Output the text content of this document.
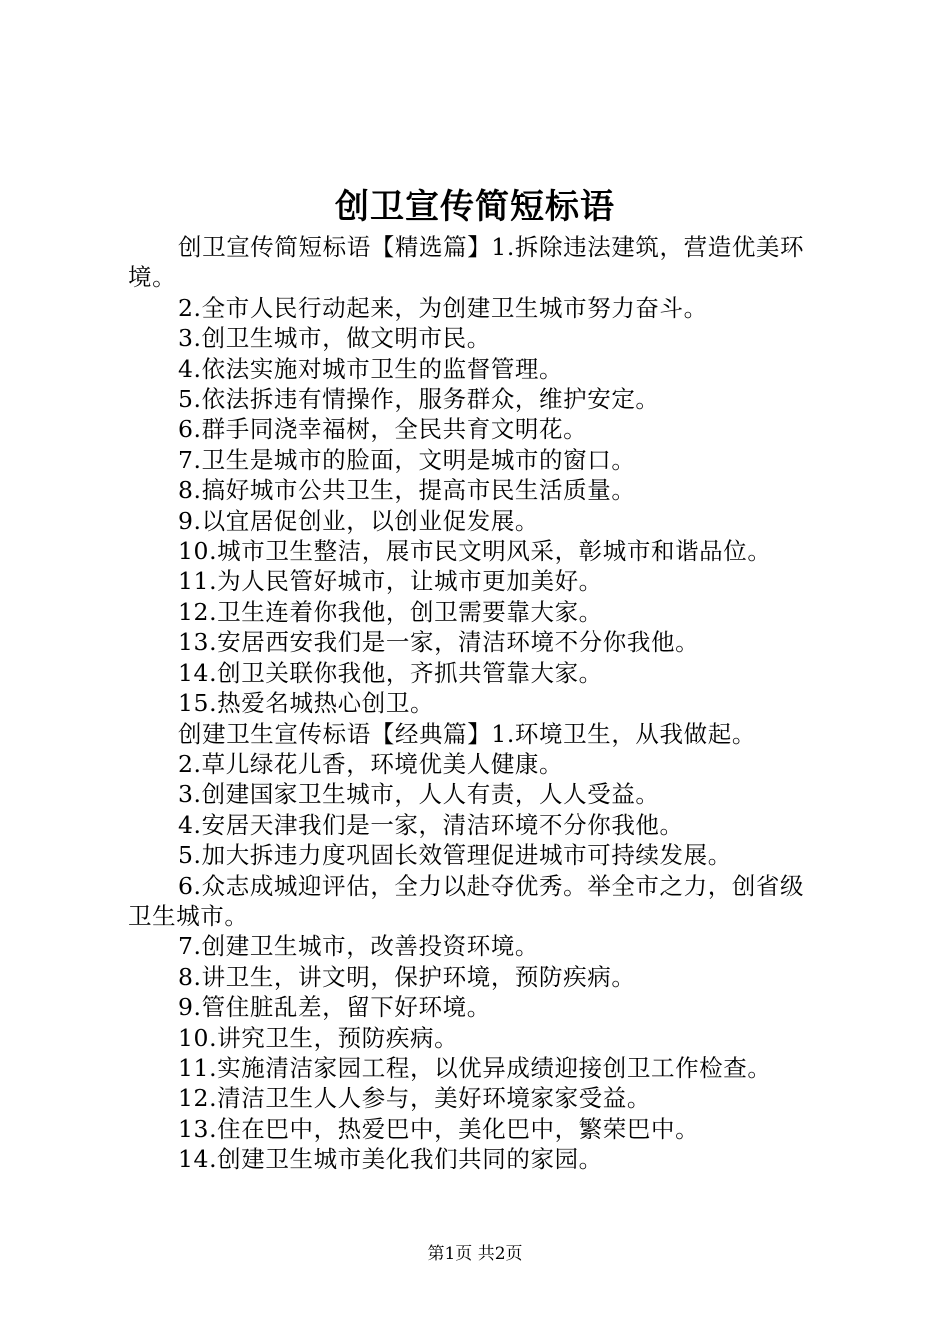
创卫宣传简短标语

创卫宣传简短标语【精选篇】1.拆除违法建筑，营造优美环境。

2.全市人民行动起来，为创建卫生城市努力奋斗。

3.创卫生城市，做文明市民。

4.依法实施对城市卫生的监督管理。

5.依法拆违有情操作，服务群众，维护安定。

6.群手同浇幸福树，全民共育文明花。

7.卫生是城市的脸面，文明是城市的窗口。

8.搞好城市公共卫生，提高市民生活质量。

9.以宜居促创业，以创业促发展。

10.城市卫生整洁，展市民文明风采，彰城市和谐品位。

11.为人民管好城市，让城市更加美好。

12.卫生连着你我他，创卫需要靠大家。

13.安居西安我们是一家，清洁环境不分你我他。

14.创卫关联你我他，齐抓共管靠大家。

15.热爱名城热心创卫。

创建卫生宣传标语【经典篇】1.环境卫生，从我做起。

2.草儿绿花儿香，环境优美人健康。

3.创建国家卫生城市，人人有责，人人受益。

4.安居天津我们是一家，清洁环境不分你我他。

5.加大拆违力度巩固长效管理促进城市可持续发展。

6.众志成城迎评估，全力以赴夺优秀。举全市之力，创省级卫生城市。

7.创建卫生城市，改善投资环境。

8.讲卫生，讲文明，保护环境，预防疾病。

9.管住脏乱差，留下好环境。

10.讲究卫生，预防疾病。

11.实施清洁家园工程，以优异成绩迎接创卫工作检查。

12.清洁卫生人人参与，美好环境家家受益。

13.住在巴中，热爱巴中，美化巴中，繁荣巴中。

14.创建卫生城市美化我们共同的家园。

第1页 共2页
